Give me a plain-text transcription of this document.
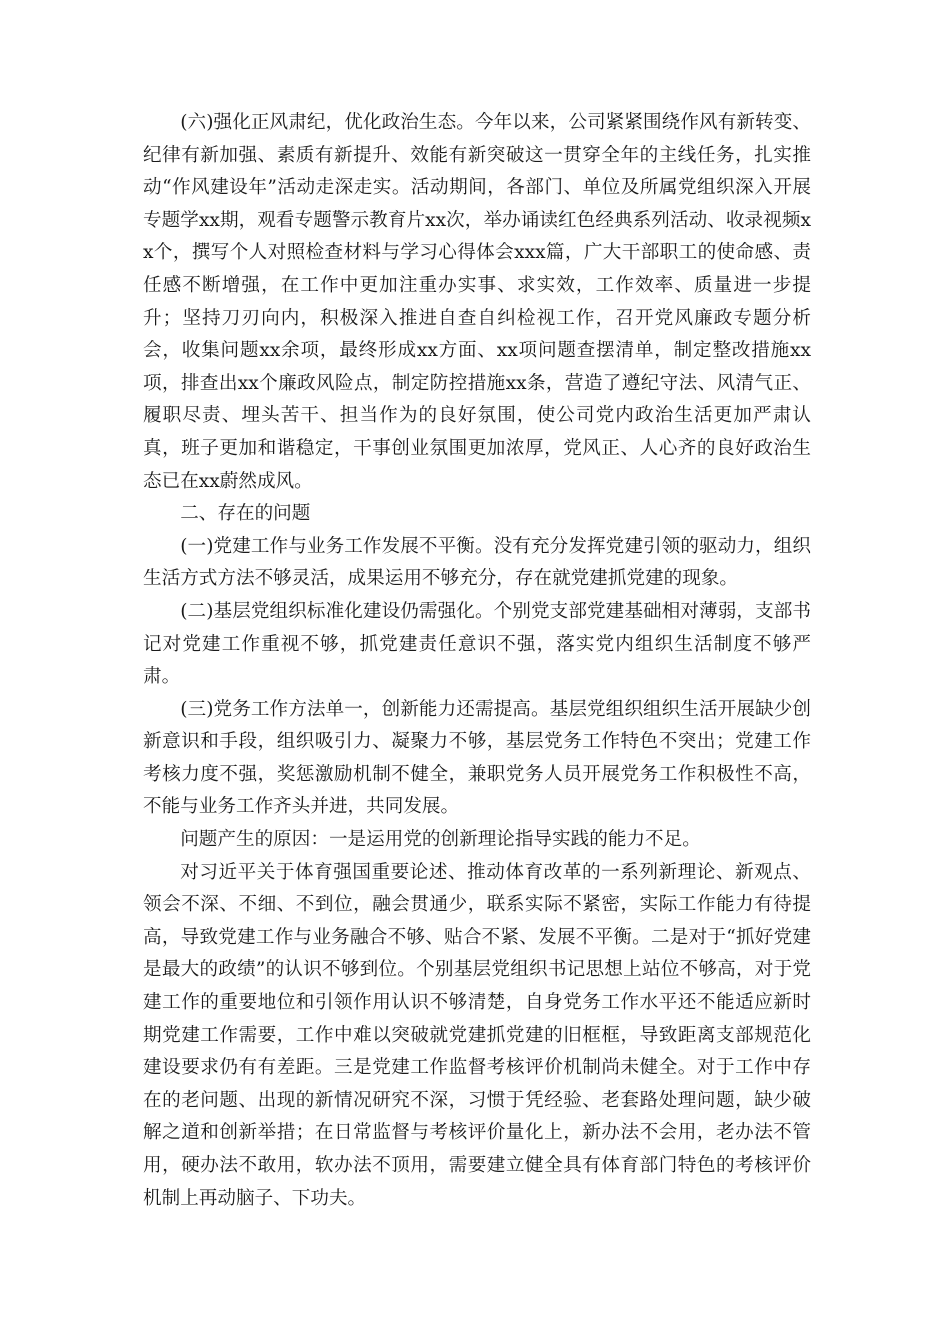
(六)强化正风肃纪，优化政治生态。今年以来，公司紧紧围绕作风有新转变、纪律有新加强、素质有新提升、效能有新突破这一贯穿全年的主线任务，扎实推动“作风建设年”活动走深走实。活动期间，各部门、单位及所属党组织深入开展专题学xx期，观看专题警示教育片xx次，举办诵读红色经典系列活动、收录视频xx个，撰写个人对照检查材料与学习心得体会xxx篇，广大干部职工的使命感、责任感不断增强，在工作中更加注重办实事、求实效，工作效率、质量进一步提升；坚持刀刃向内，积极深入推进自查自纠检视工作，召开党风廉政专题分析会，收集问题xx余项，最终形成xx方面、xx项问题查摆清单，制定整改措施xx项，排查出xx个廉政风险点，制定防控措施xx条，营造了遵纪守法、风清气正、履职尽责、埋头苦干、担当作为的良好氛围，使公司党内政治生活更加严肃认真，班子更加和谐稳定，干事创业氛围更加浓厚，党风正、人心齐的良好政治生态已在xx蔚然成风。

二、存在的问题

(一)党建工作与业务工作发展不平衡。没有充分发挥党建引领的驱动力，组织生活方式方法不够灵活，成果运用不够充分，存在就党建抓党建的现象。

(二)基层党组织标准化建设仍需强化。个别党支部党建基础相对薄弱，支部书记对党建工作重视不够，抓党建责任意识不强，落实党内组织生活制度不够严肃。

(三)党务工作方法单一，创新能力还需提高。基层党组织组织生活开展缺少创新意识和手段，组织吸引力、凝聚力不够，基层党务工作特色不突出；党建工作考核力度不强，奖惩激励机制不健全，兼职党务人员开展党务工作积极性不高，不能与业务工作齐头并进，共同发展。

问题产生的原因：一是运用党的创新理论指导实践的能力不足。

对习近平关于体育强国重要论述、推动体育改革的一系列新理论、新观点、领会不深、不细、不到位，融会贯通少，联系实际不紧密，实际工作能力有待提高，导致党建工作与业务融合不够、贴合不紧、发展不平衡。二是对于“抓好党建是最大的政绩”的认识不够到位。个别基层党组织书记思想上站位不够高，对于党建工作的重要地位和引领作用认识不够清楚，自身党务工作水平还不能适应新时期党建工作需要，工作中难以突破就党建抓党建的旧框框，导致距离支部规范化建设要求仍有有差距。三是党建工作监督考核评价机制尚未健全。对于工作中存在的老问题、出现的新情况研究不深，习惯于凭经验、老套路处理问题，缺少破解之道和创新举措；在日常监督与考核评价量化上，新办法不会用，老办法不管用，硬办法不敢用，软办法不顶用，需要建立健全具有体育部门特色的考核评价机制上再动脑子、下功夫。
